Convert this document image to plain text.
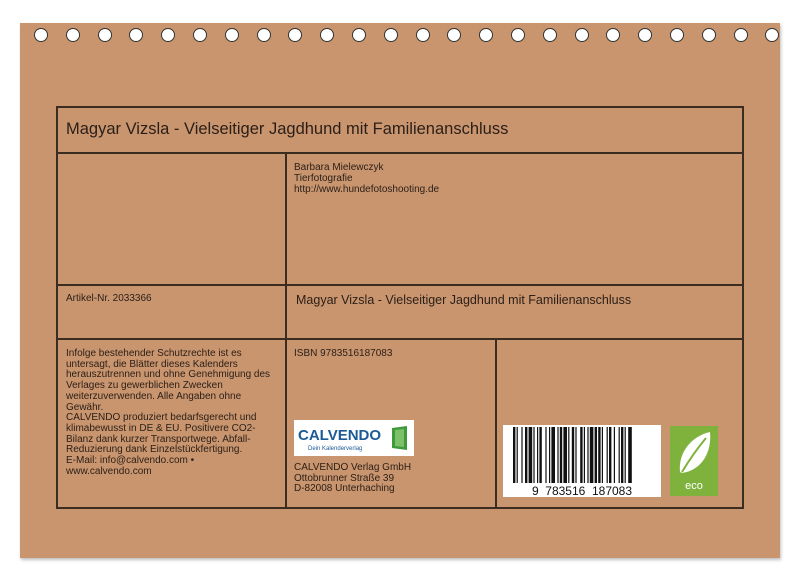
Magyar Vizsla - Vielseitiger Jagdhund mit Familienanschluss
Barbara Mielewczyk
Tierfotografie
http://www.hundefotoshooting.de
Artikel-Nr. 2033366	Magyar Vizsla - Vielseitiger Jagdhund mit Familienanschluss
Infolge bestehender Schutzrechte ist es
untersagt, die Blätter dieses Kalenders
herauszutrennen und ohne Genehmigung des
Verlages zu gewerblichen Zwecken
weiterzuverwenden. Alle Angaben ohne
Gewähr.
CALVENDO produziert bedarfsgerecht und
klimabewusst in DE & EU. Positivere CO2-
Bilanz dank kurzer Transportwege. Abfall-
Reduzierung dank Einzelstückfertigung.
E-Mail: info@calvendo.com •
www.calvendo.com
ISBN 9783516187083
CALVENDO
Dein Kalenderverlag
CALVENDO Verlag GmbH
Ottobrunner Straße 39
D-82008 Unterhaching	9  783516  187083	eco
